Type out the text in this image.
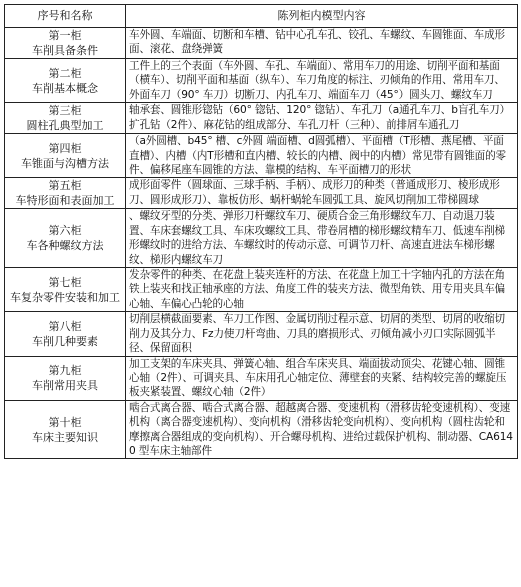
序号和名称	陈列柜内模型内容

第一柜
车削具备条件	车外圆、车端面、切断和车槽、钻中心孔车孔、铰孔、车螺纹、车圆锥面、车成形面、滚花、盘绕弹簧

第二柜
车削基本概念	工件上的三个表面（车外圆、车孔、车端面）、常用车刀的用途、切削平面和基面（横车）、切削平面和基面（纵车）、车刀角度的标注、刃倾角的作用、常用车刀、外面车刀（90° 车刀）切断刀、内孔车刀、端面车刀（45°）圆头刀、螺纹车刀

第三柜
圆柱孔典型加工	轴承套、圆锥形锪钻（60° 锪钻、120° 锪钻）、车孔刀（a通孔车刀、b盲孔车刀）扩孔钻（2件）、麻花钻的组成部分、车孔刀杆（三种）、前排屑车通孔刀

第四柜
车锥面与沟槽方法	（a外圆槽、b45° 槽、c外圆 端面槽、d圆弧槽）、平面槽（T形槽、燕尾槽、平面直槽）、内槽（内T形槽和直内槽、较长的内槽、阀中的内槽）常见带有圆锥面的零件、偏移尾座车圆锥的方法、靠模的结构、车平面槽刀的形状

第五柜
车特形面和表面加工	成形面零件（圆球面、三球手柄、手柄）、成形刀的种类（普通成形刀、棱形成形刀、圆形成形刀）、靠板仿形、蜗杆蜗轮车圆弧工具、旋风切削加工带梯圆球

第六柜
车各种螺纹方法	、螺纹牙型的分类、弹形刀杆螺纹车刀、硬质合金三角形螺纹车刀、自动退刀装置、车床套螺纹工具、车床攻螺纹工具、带卷屑槽的梯形螺纹精车刀、低速车削梯形螺纹时的进给方法、车螺纹时的传动示意、可调节刀杆、高速直进法车梯形螺纹、梯形内螺纹车刀

第七柜
车复杂零件安装和加工	发杂零件的种类、在花盘上装夹连杆的方法、在花盘上加工十字轴内孔的方法在角铁上装夹和找正轴承座的方法、角度工件的装夹方法、微型角铁、用专用夹具车偏心轴、车偏心凸轮的心轴

第八柜
车削几种要素	切削层横截面要素、车刀工作图、金属切削过程示意、切屑的类型、切屑的收缩切削力及其分力、Fz力使刀杆弯曲、刀具的磨损形式、刃倾角减小刃口实际圆弧半径、保留面积

第九柜
车削常用夹具	加工支架的车床夹具、弹簧心轴、组合车床夹具、端面拔动顶尖、花键心轴、圆锥心轴（2件）、可调夹具、车床用孔心轴定位、薄壁套的夹紧、结构较完善的螺旋压板夹紧装置、螺纹心轴（2件）

第十柜
车床主要知识	啮合式离合器、啮合式离合器、超越离合器、变速机构（滑移齿轮变速机构）、变速机构（离合器变速机构）、变向机构（滑移齿轮变向机构）、变向机构（圆柱齿轮和摩擦离合器组成的变向机构）、开合螺母机构、进给过载保护机构、制动器、CA6140 型车床主轴部件
